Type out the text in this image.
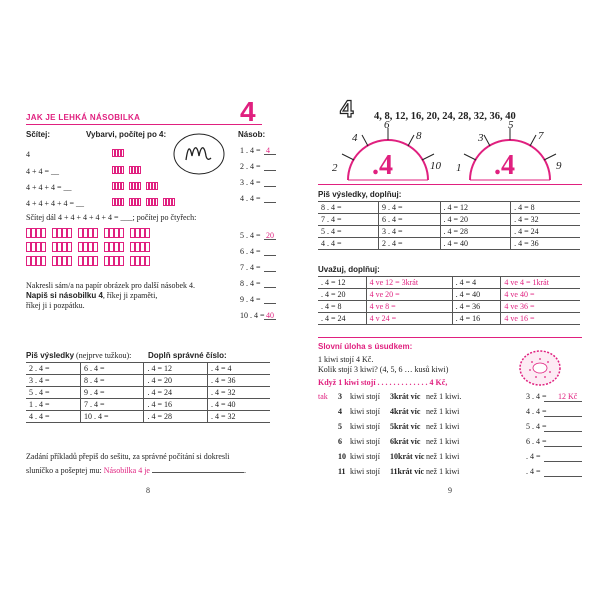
JAK JE LEHKÁ NÁSOBILKA	4
Sčítej:	Vybarvi, počítej po 4:	Násob:
4
4 + 4 = __
4 + 4 + 4 = __
4 + 4 + 4 + 4 = __
1 . 4 = 4
2 . 4 =
3 . 4 =
4 . 4 =
5 . 4 = 20
6 . 4 =
7 . 4 =
8 . 4 =
9 . 4 =
10 . 4 = 40
Sčítej dál 4 + 4 + 4 + 4 + 4 = ___; počítej po čtyřech:
Nakresli sám/a na papír obrázek pro další násobek 4.
Napiš si násobilku 4, říkej ji zpaměti,
říkej ji i pozpátku.
Piš výsledky (nejprve tužkou): Doplň správné číslo:
2 . 4 =	6 . 4 =	. 4 = 12	. 4 = 4
3 . 4 =	8 . 4 =	. 4 = 20	. 4 = 36
5 . 4 =	9 . 4 =	. 4 = 24	. 4 = 32
1 . 4 =	7 . 4 =	. 4 = 16	. 4 = 40
4 . 4 =	10 . 4 =	. 4 = 28	. 4 = 32
Zadání příkladů přepiš do sešitu, za správné počítání si dokresli
sluníčko a pošeptej mu: Násobilka 4 je	.
8
4 4, 8, 12, 16, 20, 24, 28, 32, 36, 40
2
4
6
8
10
.4	1
3
5
7
9
.4
Piš výsledky, doplňuj:
8 . 4 =	9 . 4 =	. 4 = 12	. 4 = 8
7 . 4 =	6 . 4 =	. 4 = 20	. 4 = 32
5 . 4 =	3 . 4 =	. 4 = 28	. 4 = 24
4 . 4 =	2 . 4 =	. 4 = 40	. 4 = 36
Uvažuj, doplňuj:
. 4 = 12	4 ve 12 = 3krát	. 4 = 4	4 ve 4 = 1krát
. 4 = 20	4 ve 20 =	. 4 = 40	4 ve 40 =
. 4 = 8	4 ve 8 =	. 4 = 36	4 ve 36 =
. 4 = 24	4 v 24 =	. 4 = 16	4 ve 16 =
Slovní úloha s úsudkem:
1 kiwi stojí 4 Kč.
Kolik stojí 3 kiwi? (4, 5, 6 … kusů kiwi)
Když 1 kiwi stojí . . . . . . . . . . . . . 4 Kč,
tak 3 kiwi stojí 3krát víc než 1 kiwi.	3 . 4 = 12 Kč
4 kiwi stojí 4krát víc než 1 kiwi	4 . 4 =
5 kiwi stojí 5krát víc než 1 kiwi	5 . 4 =
6 kiwi stojí 6krát víc než 1 kiwi	6 . 4 =
10 kiwi stojí 10krát víc než 1 kiwi	. 4 =
11 kiwi stojí 11krát víc než 1 kiwi	. 4 =
9
